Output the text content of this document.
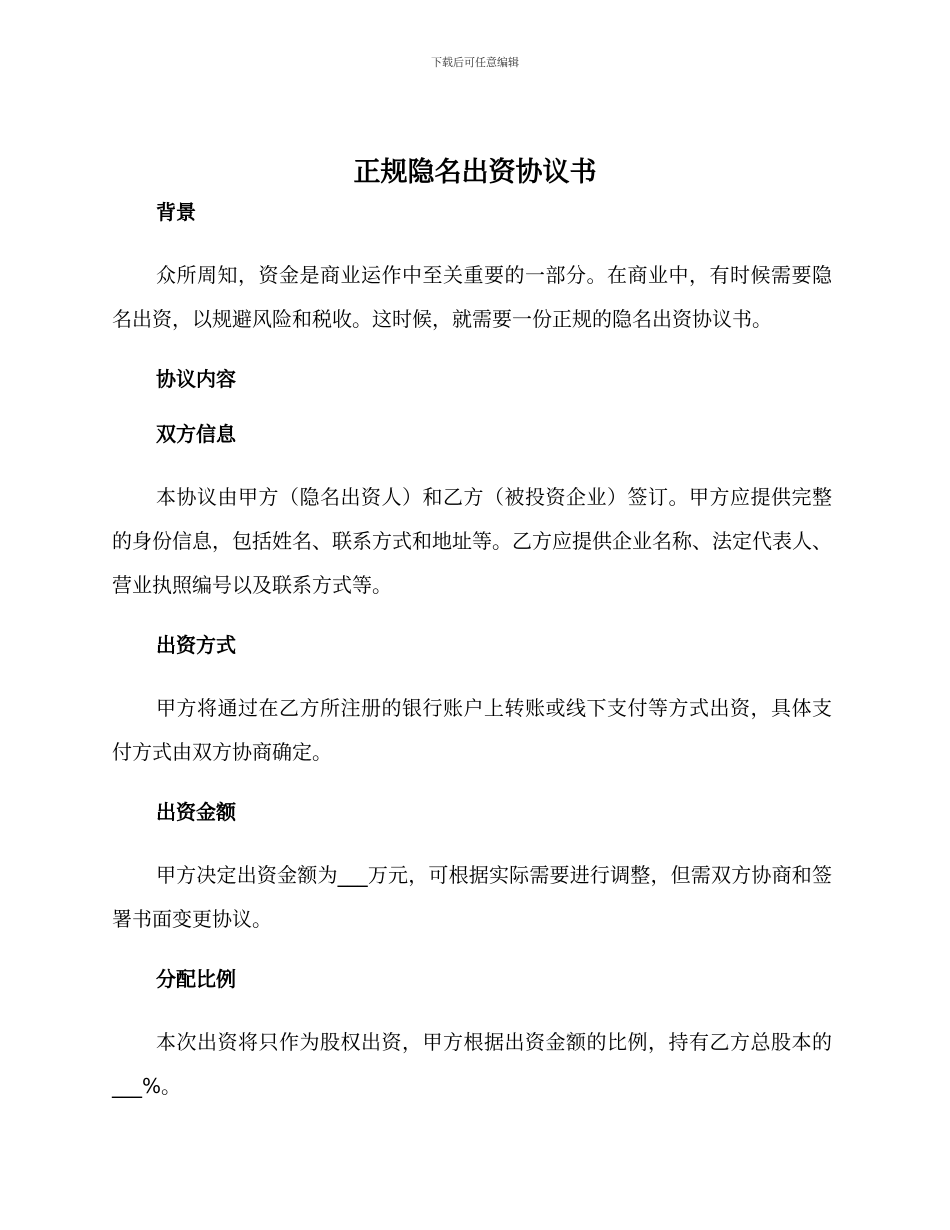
下载后可任意编辑
正规隐名出资协议书
背景

众所周知，资金是商业运作中至关重要的一部分。在商业中，有时候需要隐名出资，以规避风险和税收。这时候，就需要一份正规的隐名出资协议书。

协议内容
双方信息

本协议由甲方（隐名出资人）和乙方（被投资企业）签订。甲方应提供完整的身份信息，包括姓名、联系方式和地址等。乙方应提供企业名称、法定代表人、营业执照编号以及联系方式等。

出资方式

甲方将通过在乙方所注册的银行账户上转账或线下支付等方式出资，具体支付方式由双方协商确定。

出资金额

甲方决定出资金额为___万元，可根据实际需要进行调整，但需双方协商和签署书面变更协议。

分配比例

本次出资将只作为股权出资，甲方根据出资金额的比例，持有乙方总股本的___%。
